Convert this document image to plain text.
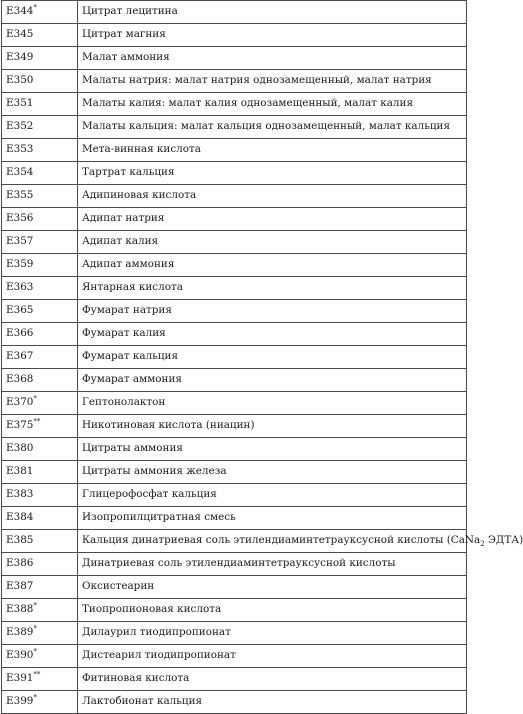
E344*	Цитрат лецитина
E345	Цитрат магния
E349	Малат аммония
E350	Малаты натрия: малат натрия однозамещенный, малат натрия
E351	Малаты калия: малат калия однозамещенный, малат калия
E352	Малаты кальция: малат кальция однозамещенный, малат кальция
E353	Мета-винная кислота
E354	Тартрат кальция
E355	Адипиновая кислота
E356	Адипат натрия
E357	Адипат калия
E359	Адипат аммония
E363	Янтарная кислота
E365	Фумарат натрия
E366	Фумарат калия
E367	Фумарат кальция
E368	Фумарат аммония
E370*	Гептонолактон
E375**	Никотиновая кислота (ниацин)
E380	Цитраты аммония
E381	Цитраты аммония железа
E383	Глицерофосфат кальция
E384	Изопропилцитратная смесь
E385	Кальция динатриевая соль этилендиаминтетрауксусной кислоты (CaNa$_2$ ЭДТА)
E386	Динатриевая соль этилендиаминтетрауксусной кислоты
E387	Оксистеарин
E388*	Тиопропионовая кислота
E389*	Дилаурил тиодипропионат
E390*	Дистеарил тиодипропионат
E391**	Фитиновая кислота
E399*	Лактобионат кальция
